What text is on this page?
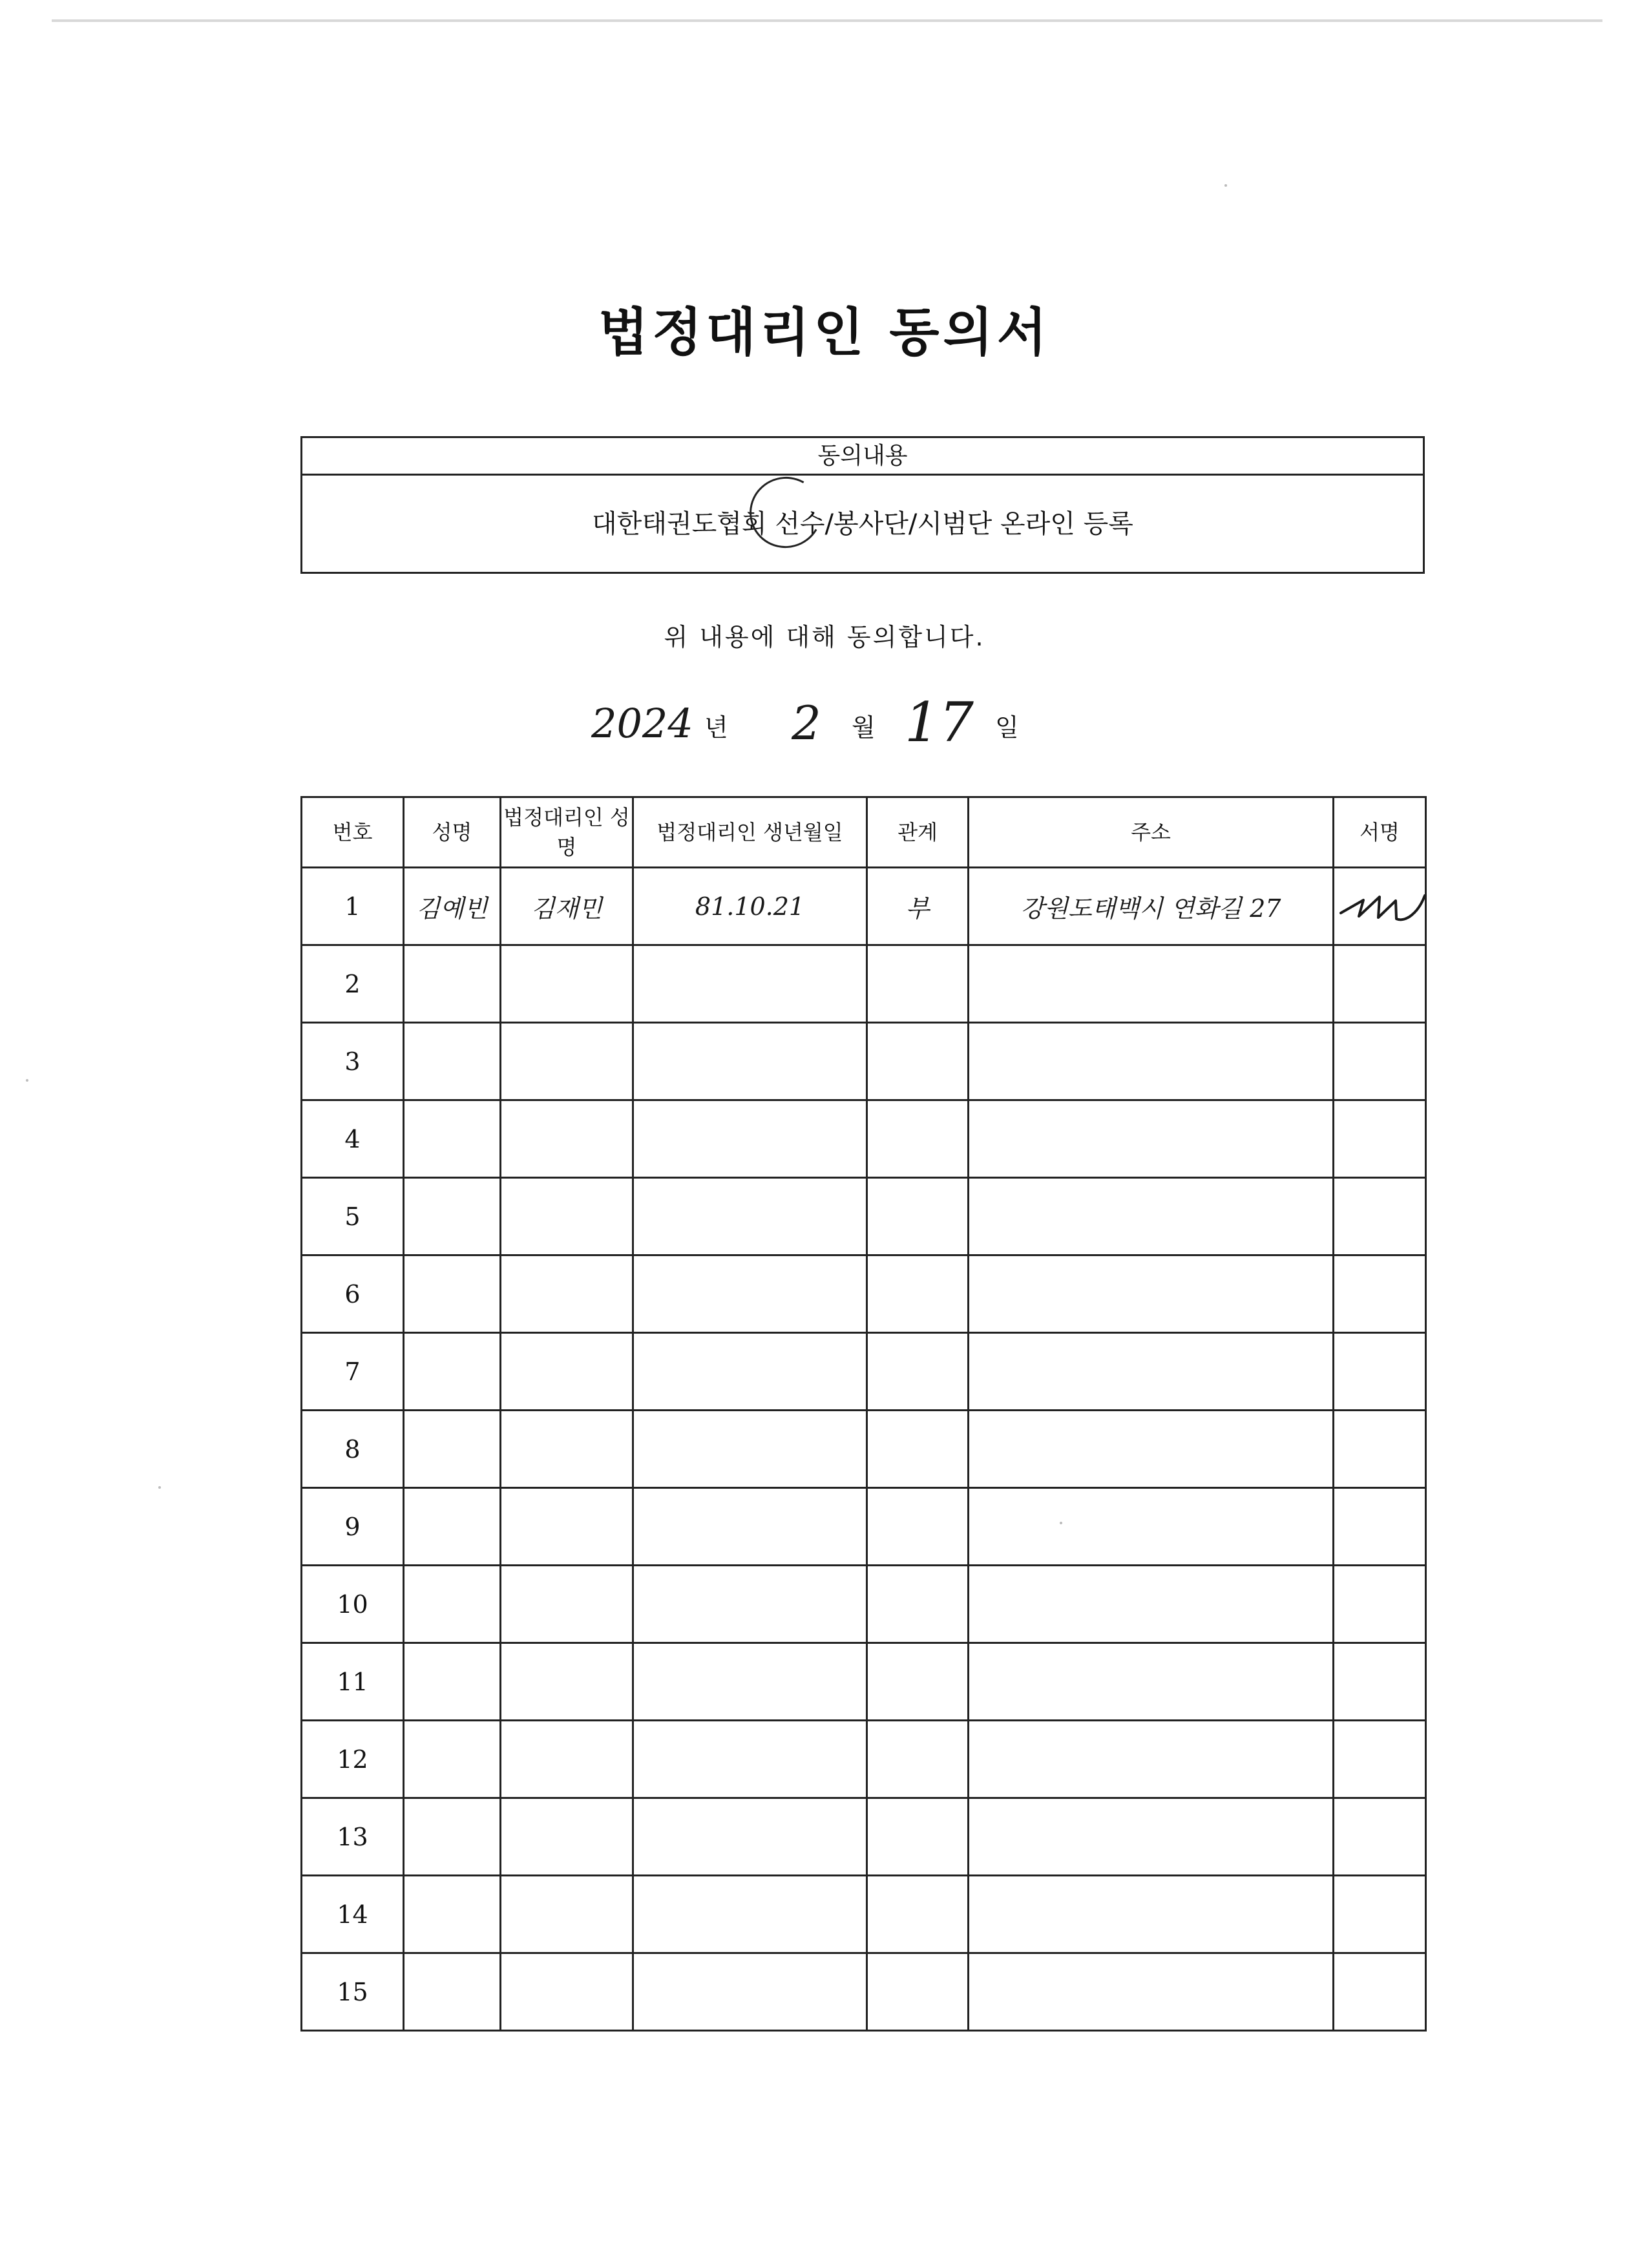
법정대리인 동의서
동의내용
대한태권도협회 선수/봉사단/시범단 온라인 등록
위 내용에 대해 동의합니다.
2024 년 2 월 17 일
번호	성명	법정대리인 성명	법정대리인 생년월일	관계	주소	서명
1	김예빈	김재민	81.10.21	부	강원도태백시 연화길 27	

2						
3						
4						
5						
6						
7						
8						
9						
10						
11						
12						
13						
14						
15						
